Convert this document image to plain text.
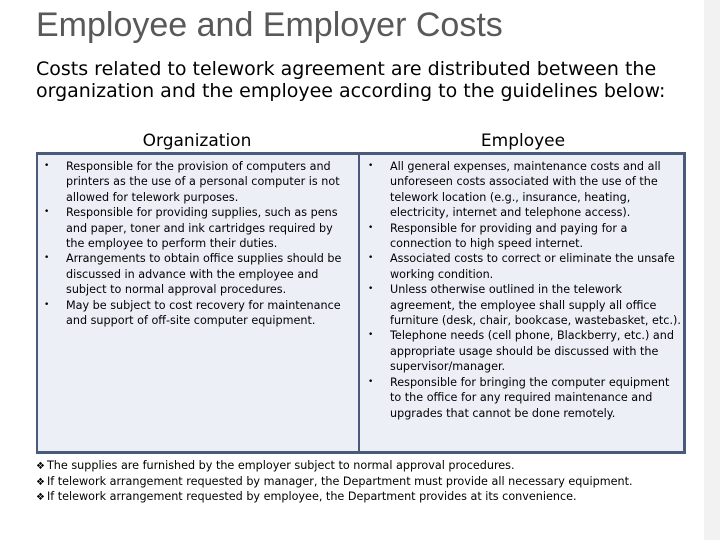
Employee and Employer Costs

Costs related to telework agreement are distributed between the organization and the employee according to the guidelines below:

Organization	Employee
• Responsible for the provision of computers and printers as the use of a personal computer is not allowed for telework purposes.
• Responsible for providing supplies, such as pens and paper, toner and ink cartridges required by the employee to perform their duties.
• Arrangements to obtain office supplies should be discussed in advance with the employee and subject to normal approval procedures.
• May be subject to cost recovery for maintenance and support of off-site computer equipment.
• All general expenses, maintenance costs and all unforeseen costs associated with the use of the telework location (e.g., insurance, heating, electricity, internet and telephone access).
• Responsible for providing and paying for a connection to high speed internet.
• Associated costs to correct or eliminate the unsafe working condition.
• Unless otherwise outlined in the telework agreement, the employee shall supply all office furniture (desk, chair, bookcase, wastebasket, etc.).
• Telephone needs (cell phone, Blackberry, etc.) and appropriate usage should be discussed with the supervisor/manager.
• Responsible for bringing the computer equipment to the office for any required maintenance and upgrades that cannot be done remotely.
❖ The supplies are furnished by the employer subject to normal approval procedures.
❖ If telework arrangement requested by manager, the Department must provide all necessary equipment.
❖ If telework arrangement requested by employee, the Department provides at its convenience.
